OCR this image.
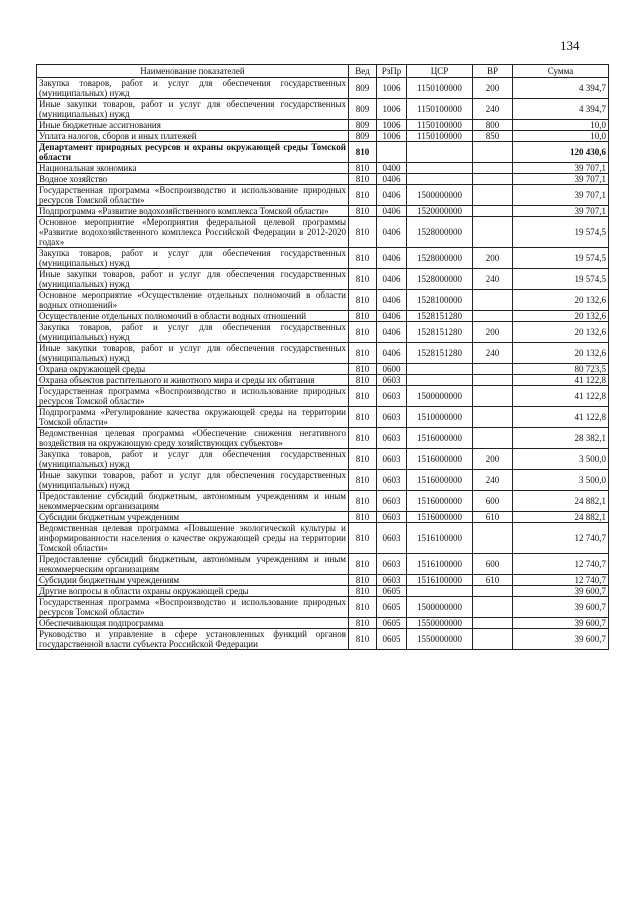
134
Наименование показателей	Вед	РзПр	ЦСР	ВР	Сумма
Закупка товаров, работ и услуг для обеспечения государственных (муниципальных) нужд	809	1006	1150100000	200	4 394,7
Иные закупки товаров, работ и услуг для обеспечения государственных (муниципальных) нужд	809	1006	1150100000	240	4 394,7
Иные бюджетные ассигнования	809	1006	1150100000	800	10,0
Уплата налогов, сборов и иных платежей	809	1006	1150100000	850	10,0
Департамент природных ресурсов и охраны окружающей среды Томской области	810				120 430,6
Национальная экономика	810	0400			39 707,1
Водное хозяйство	810	0406			39 707,1
Государственная программа «Воспроизводство и использование природных ресурсов Томской области»	810	0406	1500000000		39 707,1
Подпрограмма «Развитие водохозяйственного комплекса Томской области»	810	0406	1520000000		39 707,1
Основное мероприятие «Мероприятия федеральной целевой программы «Развитие водохозяйственного комплекса Российской Федерации в 2012-2020 годах»	810	0406	1528000000		19 574,5
Закупка товаров, работ и услуг для обеспечения государственных (муниципальных) нужд	810	0406	1528000000	200	19 574,5
Иные закупки товаров, работ и услуг для обеспечения государственных (муниципальных) нужд	810	0406	1528000000	240	19 574,5
Основное мероприятие «Осуществление отдельных полномочий в области водных отношений»	810	0406	1528100000		20 132,6
Осуществление отдельных полномочий в области водных отношений	810	0406	1528151280		20 132,6
Закупка товаров, работ и услуг для обеспечения государственных (муниципальных) нужд	810	0406	1528151280	200	20 132,6
Иные закупки товаров, работ и услуг для обеспечения государственных (муниципальных) нужд	810	0406	1528151280	240	20 132,6
Охрана окружающей среды	810	0600			80 723,5
Охрана объектов растительного и животного мира и среды их обитания	810	0603			41 122,8
Государственная программа «Воспроизводство и использование природных ресурсов Томской области»	810	0603	1500000000		41 122,8
Подпрограмма «Регулирование качества окружающей среды на территории Томской области»	810	0603	1510000000		41 122,8
Ведомственная целевая программа «Обеспечение снижения негативного воздействия на окружающую среду хозяйствующих субъектов»	810	0603	1516000000		28 382,1
Закупка товаров, работ и услуг для обеспечения государственных (муниципальных) нужд	810	0603	1516000000	200	3 500,0
Иные закупки товаров, работ и услуг для обеспечения государственных (муниципальных) нужд	810	0603	1516000000	240	3 500,0
Предоставление субсидий бюджетным, автономным учреждениям и иным некоммерческим организациям	810	0603	1516000000	600	24 882,1
Субсидии бюджетным учреждениям	810	0603	1516000000	610	24 882,1
Ведомственная целевая программа «Повышение экологической культуры и информированности населения о качестве окружающей среды на территории Томской области»	810	0603	1516100000		12 740,7
Предоставление субсидий бюджетным, автономным учреждениям и иным некоммерческим организациям	810	0603	1516100000	600	12 740,7
Субсидии бюджетным учреждениям	810	0603	1516100000	610	12 740,7
Другие вопросы в области охраны окружающей среды	810	0605			39 600,7
Государственная программа «Воспроизводство и использование природных ресурсов Томской области»	810	0605	1500000000		39 600,7
Обеспечивающая подпрограмма	810	0605	1550000000		39 600,7
Руководство и управление в сфере установленных функций органов государственной власти субъекта Российской Федерации	810	0605	1550000000		39 600,7
